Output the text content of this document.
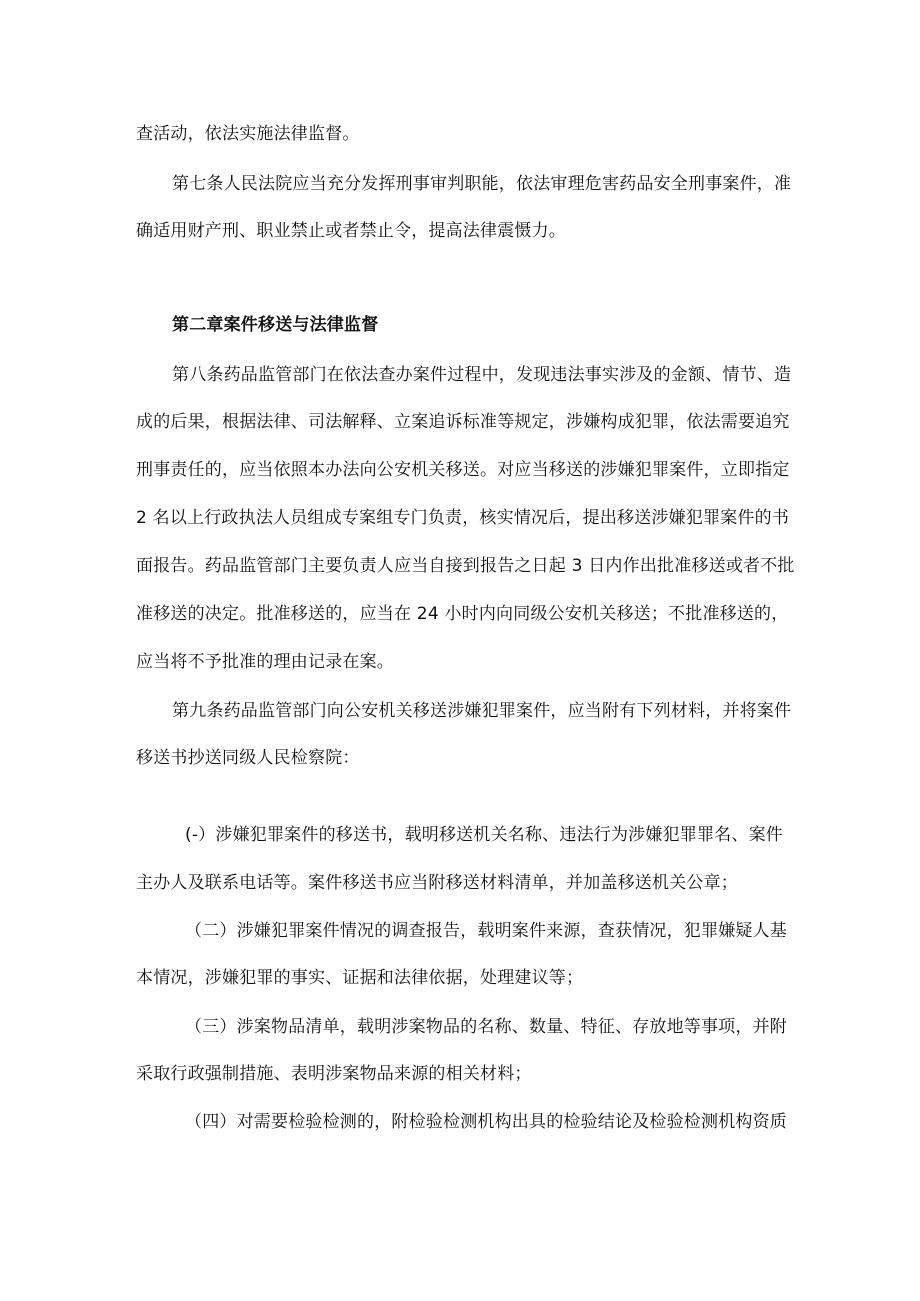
查活动，依法实施法律监督。
第七条人民法院应当充分发挥刑事审判职能，依法审理危害药品安全刑事案件，准
确适用财产刑、职业禁止或者禁止令，提高法律震慑力。
第二章案件移送与法律监督
第八条药品监管部门在依法查办案件过程中，发现违法事实涉及的金额、情节、造
成的后果，根据法律、司法解释、立案追诉标准等规定，涉嫌构成犯罪，依法需要追究
刑事责任的，应当依照本办法向公安机关移送。对应当移送的涉嫌犯罪案件，立即指定
2 名以上行政执法人员组成专案组专门负责，核实情况后，提出移送涉嫌犯罪案件的书
面报告。药品监管部门主要负责人应当自接到报告之日起 3 日内作出批准移送或者不批
准移送的决定。批准移送的，应当在 24 小时内向同级公安机关移送；不批准移送的，
应当将不予批准的理由记录在案。
第九条药品监管部门向公安机关移送涉嫌犯罪案件，应当附有下列材料，并将案件
移送书抄送同级人民检察院：
(-）涉嫌犯罪案件的移送书，载明移送机关名称、违法行为涉嫌犯罪罪名、案件
主办人及联系电话等。案件移送书应当附移送材料清单，并加盖移送机关公章；
（二）涉嫌犯罪案件情况的调查报告，载明案件来源，查获情况，犯罪嫌疑人基
本情况，涉嫌犯罪的事实、证据和法律依据，处理建议等；
（三）涉案物品清单，载明涉案物品的名称、数量、特征、存放地等事项，并附
采取行政强制措施、表明涉案物品来源的相关材料；
（四）对需要检验检测的，附检验检测机构出具的检验结论及检验检测机构资质
